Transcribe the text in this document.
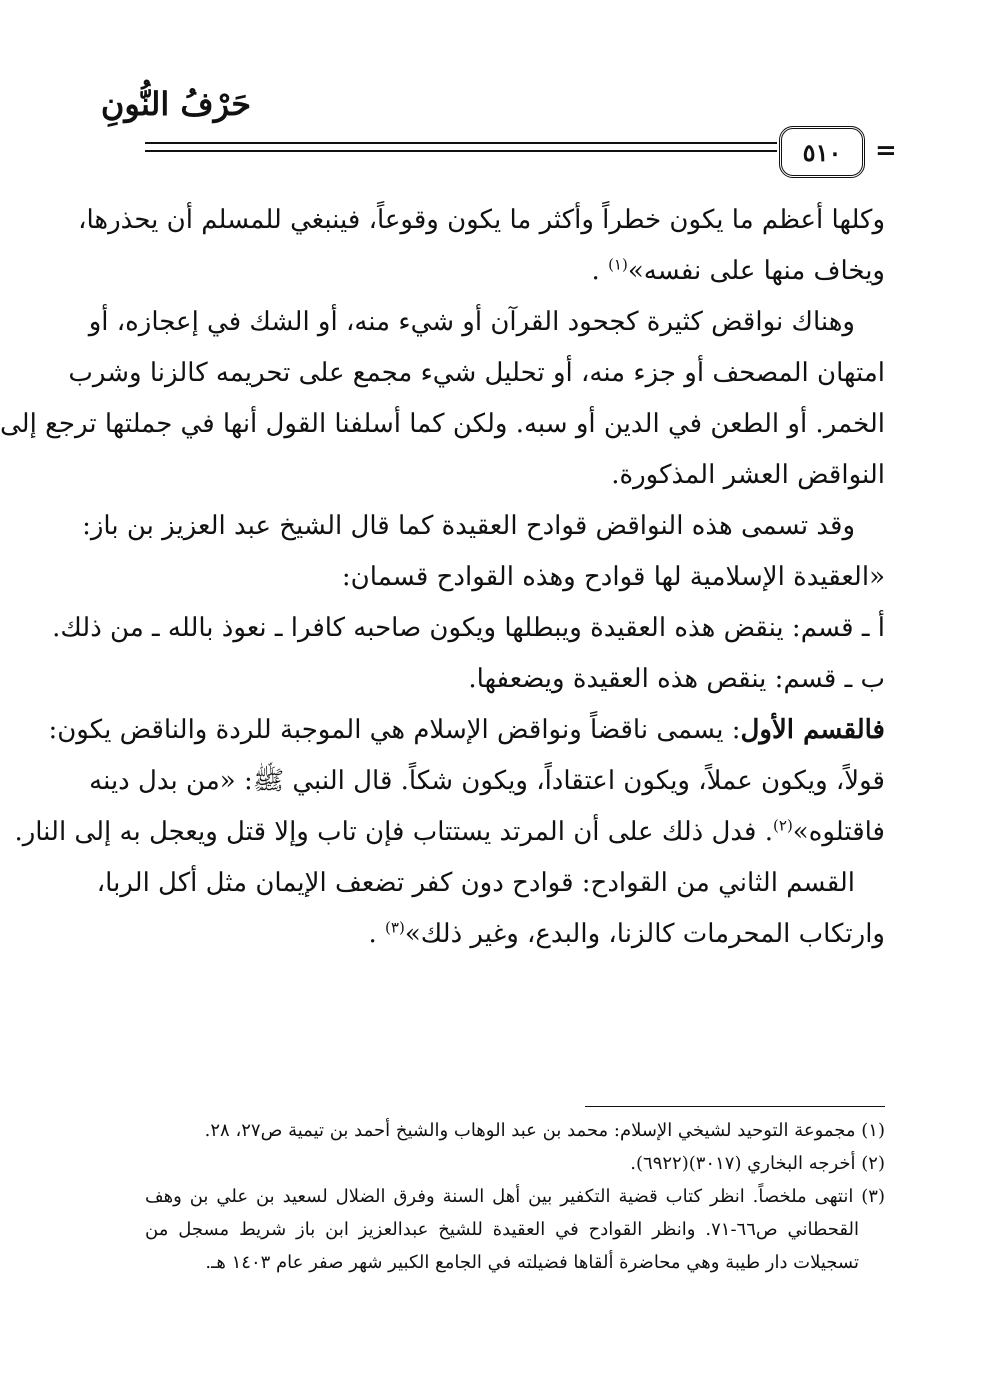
حَرْفُ النُّونِ
٥١٠	=
وكلها أعظم ما يكون خطراً وأكثر ما يكون وقوعاً، فينبغي للمسلم أن يحذرها،
ويخاف منها على نفسه»$^{(١)}$ .
وهناك نواقض كثيرة كجحود القرآن أو شيء منه، أو الشك في إعجازه، أو
امتهان المصحف أو جزء منه، أو تحليل شيء مجمع على تحريمه كالزنا وشرب
الخمر. أو الطعن في الدين أو سبه. ولكن كما أسلفنا القول أنها في جملتها ترجع إلى
النواقض العشر المذكورة.
وقد تسمى هذه النواقض قوادح العقيدة كما قال الشيخ عبد العزيز بن باز:
«العقيدة الإسلامية لها قوادح وهذه القوادح قسمان:
أ ـ قسم: ينقض هذه العقيدة ويبطلها ويكون صاحبه كافرا ـ نعوذ بالله ـ من ذلك.
ب ـ قسم: ينقص هذه العقيدة ويضعفها.
فالقسم الأول: يسمى ناقضاً ونواقض الإسلام هي الموجبة للردة والناقض يكون:
قولاً، ويكون عملاً، ويكون اعتقاداً، ويكون شكاً. قال النبي ﷺ: «من بدل دينه
فاقتلوه»$^{(٢)}$. فدل ذلك على أن المرتد يستتاب فإن تاب وإلا قتل ويعجل به إلى النار.
القسم الثاني من القوادح: قوادح دون كفر تضعف الإيمان مثل أكل الربا،
وارتكاب المحرمات كالزنا، والبدع، وغير ذلك»$^{(٣)}$ .
(١) مجموعة التوحيد لشيخي الإسلام: محمد بن عبد الوهاب والشيخ أحمد بن تيمية ص٢٧، ٢٨.
(٢) أخرجه البخاري (٣٠١٧)(٦٩٢٢).
(٣) انتهى ملخصاً. انظر كتاب قضية التكفير بين أهل السنة وفرق الضلال لسعيد بن علي بن وهف
القحطاني ص٦٦-٧١. وانظر القوادح في العقيدة للشيخ عبدالعزيز ابن باز شريط مسجل من
تسجيلات دار طيبة وهي محاضرة ألقاها فضيلته في الجامع الكبير شهر صفر عام ١٤٠٣ هـ.
